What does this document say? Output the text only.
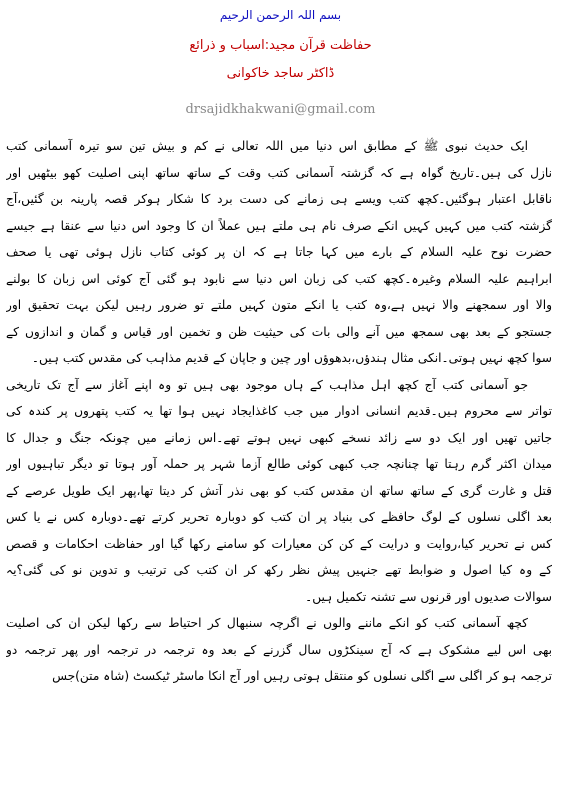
بسم اللہ الرحمن الرحیم
حفاظت قرآن مجید:اسباب و ذرائع
ڈاکٹر ساجد خاکوانی
drsajidkhakwani@gmail.com
ایک حدیث نبوی ﷺ کے مطابق اس دنیا میں اللہ تعالی نے کم و بیش تین سو تیرہ آسمانی کتب
نازل کی ہیں۔تاریخ گواہ ہے کہ گزشتہ آسمانی کتب وقت کے ساتھ ساتھ اپنی اصلیت کھو بیٹھیں اور
ناقابل اعتبار ہوگئیں۔کچھ کتب ویسے ہی زمانے کی دست برد کا شکار ہوکر قصہ پارینہ بن گئیں،آج
گزشتہ کتب میں کہیں کہیں انکے صرف نام ہی ملتے ہیں عملاً ان کا وجود اس دنیا سے عنقا ہے جیسے
حضرت نوح علیہ السلام کے بارے میں کہا جاتا ہے کہ ان پر کوئی کتاب نازل ہوئی تھی یا صحف
ابراہیم علیہ السلام وغیرہ۔کچھ کتب کی زبان اس دنیا سے نابود ہو گئی آج کوئی اس زبان کا بولنے
والا اور سمجھنے والا نہیں ہے،وہ کتب یا انکے متون کہیں ملتے تو ضرور رہیں لیکن بہت تحقیق اور
جستجو کے بعد بھی سمجھ میں آنے والی بات کی حیثیت ظن و تخمین اور قیاس و گمان و اندازوں کے
سوا کچھ نہیں ہوتی۔انکی مثال ہندؤں،بدھوؤں اور چین و جاپان کے قدیم مذاہب کی مقدس کتب ہیں۔
جو آسمانی کتب آج کچھ اہل مذاہب کے ہاں موجود بھی ہیں تو وہ اپنے آغاز سے آج تک تاریخی
تواتر سے محروم ہیں۔قدیم انسانی ادوار میں جب کاغذایجاد نہیں ہوا تھا یہ کتب پتھروں پر کندہ کی
جاتیں تھیں اور ایک دو سے زائد نسخے کبھی نہیں ہوتے تھے۔اس زمانے میں چونکہ جنگ و جدال کا
میدان اکثر گرم رہتا تھا چنانچہ جب کبھی کوئی طالع آزما شہر پر حملہ آور ہوتا تو دیگر تباہیوں اور
قتل و غارت گری کے ساتھ ساتھ ان مقدس کتب کو بھی نذر آتش کر دیتا تھا،پھر ایک طویل عرصے کے
بعد اگلی نسلوں کے لوگ حافظے کی بنیاد پر ان کتب کو دوبارہ تحریر کرتے تھے۔دوبارہ کس نے یا کس
کس نے تحریر کیا،روایت و درایت کے کن کن معیارات کو سامنے رکھا گیا اور حفاظت احکامات و قصص
کے وہ کیا اصول و ضوابط تھے جنہیں پیش نظر رکھ کر ان کتب کی ترتیب و تدوین نو کی گئی؟یہ
سوالات صدیوں اور قرنوں سے تشنہ تکمیل ہیں۔
کچھ آسمانی کتب کو انکے ماننے والوں نے اگرچہ سنبھال کر احتیاط سے رکھا لیکن ان کی اصلیت
بھی اس لیے مشکوک ہے کہ آج سینکڑوں سال گزرنے کے بعد وہ ترجمہ در ترجمہ اور پھر ترجمہ دو
ترجمہ ہو کر اگلی سے اگلی نسلوں کو منتقل ہوتی رہیں اور آج انکا ماسٹر ٹیکسٹ (شاہ متن)جس
